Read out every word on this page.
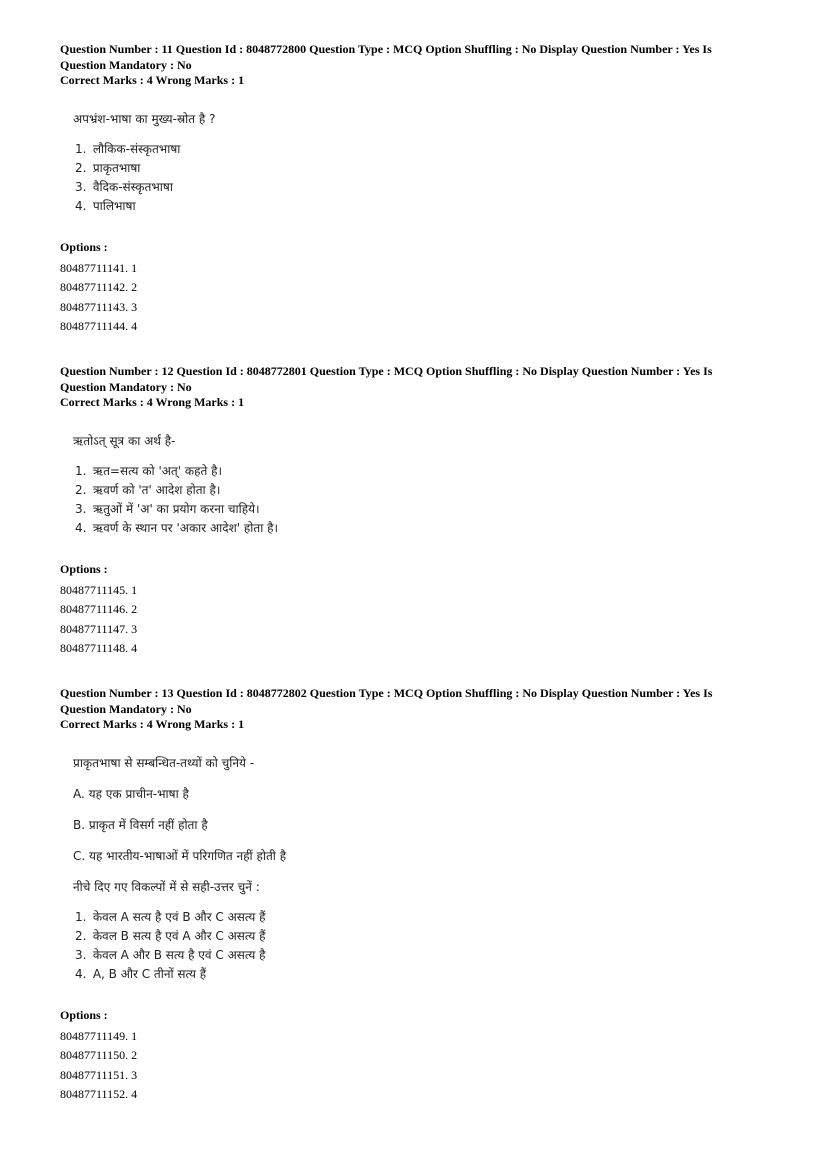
Question Number : 11 Question Id : 8048772800 Question Type : MCQ Option Shuffling : No Display Question Number : Yes Is
Question Mandatory : No
Correct Marks : 4 Wrong Marks : 1
अपभ्रंश-भाषा का मुख्य-स्रोत है ?
1. लौकिक-संस्कृतभाषा
2. प्राकृतभाषा
3. वैदिक-संस्कृतभाषा
4. पालिभाषा
Options :
80487711141. 1
80487711142. 2
80487711143. 3
80487711144. 4
Question Number : 12 Question Id : 8048772801 Question Type : MCQ Option Shuffling : No Display Question Number : Yes Is
Question Mandatory : No
Correct Marks : 4 Wrong Marks : 1
ऋतोऽत् सूत्र का अर्थ है-
1. ऋत=सत्य को 'अत्' कहते है।
2. ऋवर्ण को 'त' आदेश होता है।
3. ऋतुओं में 'अ' का प्रयोग करना चाहिये।
4. ऋवर्ण के स्थान पर 'अकार आदेश' होता है।
Options :
80487711145. 1
80487711146. 2
80487711147. 3
80487711148. 4
Question Number : 13 Question Id : 8048772802 Question Type : MCQ Option Shuffling : No Display Question Number : Yes Is
Question Mandatory : No
Correct Marks : 4 Wrong Marks : 1
प्राकृतभाषा से सम्बन्धित-तथ्यों को चुनिये -
A. यह एक प्राचीन-भाषा है
B. प्राकृत में विसर्ग नहीं होता है
C. यह भारतीय-भाषाओं में परिगणित नहीं होती है
नीचे दिए गए विकल्पों में से सही-उत्तर चुनें :
1. केवल A सत्य है एवं B और C असत्य हैं
2. केवल B सत्य है एवं A और C असत्य हैं
3. केवल A और B सत्य है एवं C असत्य है
4. A, B और C तीनों सत्य हैं
Options :
80487711149. 1
80487711150. 2
80487711151. 3
80487711152. 4
